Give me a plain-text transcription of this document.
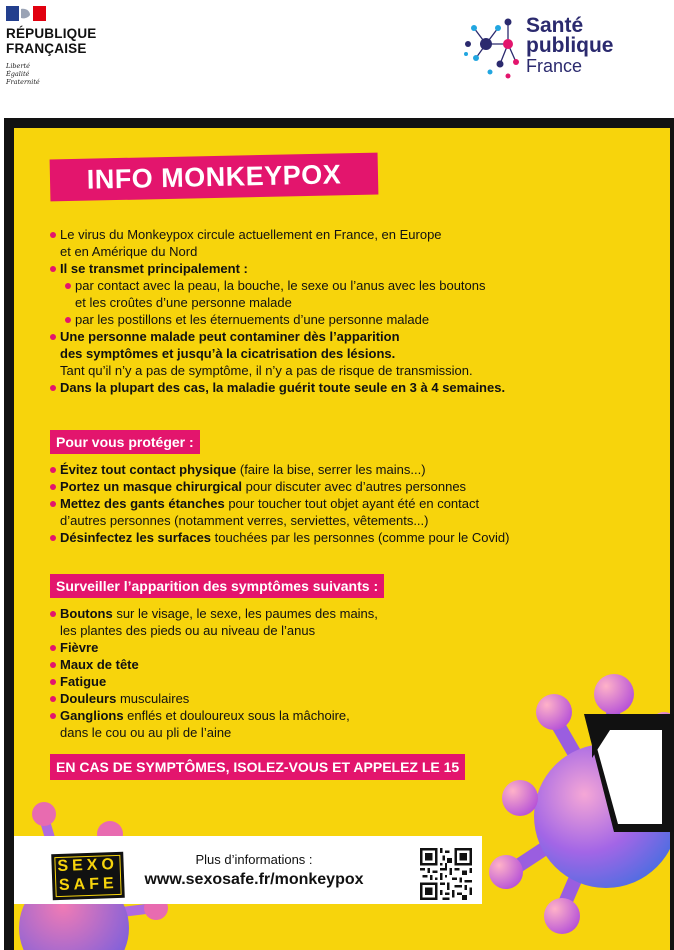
RÉPUBLIQUE
FRANÇAISE
Liberté
Égalité
Fraternité
Santé
publique
France
INFO MONKEYPOX
Le virus du Monkeypox circule actuellement en France, en Europe
et en Amérique du Nord
Il se transmet principalement :
par contact avec la peau, la bouche, le sexe ou l’anus avec les boutons
et les croûtes d’une personne malade
par les postillons et les éternuements d’une personne malade
Une personne malade peut contaminer dès l’apparition
des symptômes et jusqu’à la cicatrisation des lésions.
Tant qu’il n’y a pas de symptôme, il n’y a pas de risque de transmission.
Dans la plupart des cas, la maladie guérit toute seule en 3 à 4 semaines.
Pour vous protéger :
Évitez tout contact physique (faire la bise, serrer les mains...)
Portez un masque chirurgical pour discuter avec d’autres personnes
Mettez des gants étanches pour toucher tout objet ayant été en contact
d’autres personnes (notamment verres, serviettes, vêtements...)
Désinfectez les surfaces touchées par les personnes (comme pour le Covid)
Surveiller l’apparition des symptômes suivants :
Boutons sur le visage, le sexe, les paumes des mains,
les plantes des pieds ou au niveau de l’anus
Fièvre
Maux de tête
Fatigue
Douleurs musculaires
Ganglions enflés et douloureux sous la mâchoire,
dans le cou ou au pli de l’aine
EN CAS DE SYMPTÔMES, ISOLEZ-VOUS ET APPELEZ LE 15
SEXO
SAFE
Plus d’informations :
www.sexosafe.fr/monkeypox
